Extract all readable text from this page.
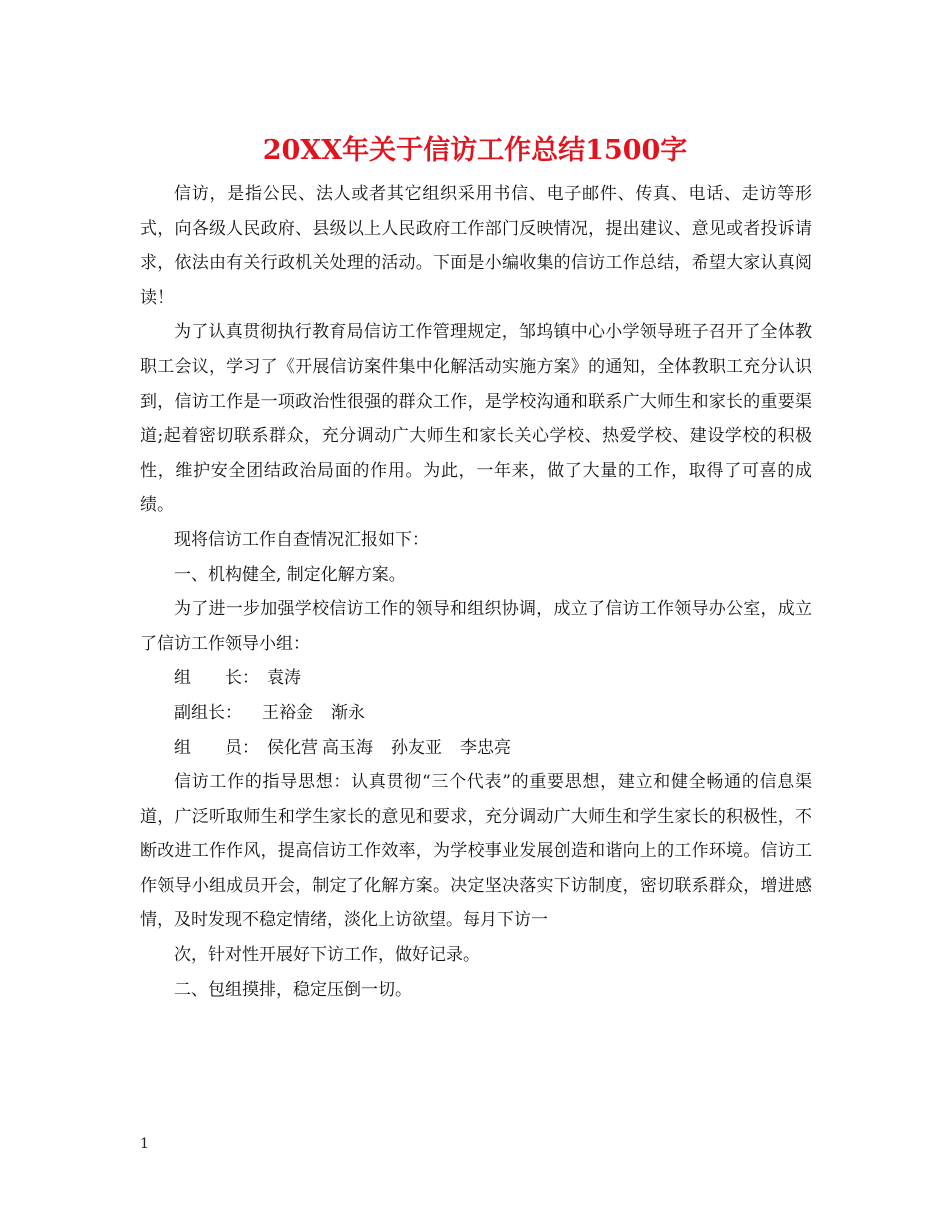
20XX年关于信访工作总结1500字

信访，是指公民、法人或者其它组织采用书信、电子邮件、传真、电话、走访等形式，向各级人民政府、县级以上人民政府工作部门反映情况，提出建议、意见或者投诉请求，依法由有关行政机关处理的活动。下面是小编收集的信访工作总结，希望大家认真阅读！

为了认真贯彻执行教育局信访工作管理规定，邹坞镇中心小学领导班子召开了全体教职工会议，学习了《开展信访案件集中化解活动实施方案》的通知，全体教职工充分认识到，信访工作是一项政治性很强的群众工作，是学校沟通和联系广大师生和家长的重要渠道;起着密切联系群众，充分调动广大师生和家长关心学校、热爱学校、建设学校的积极性，维护安全团结政治局面的作用。为此，一年来，做了大量的工作，取得了可喜的成绩。

现将信访工作自查情况汇报如下：

一、机构健全, 制定化解方案。

为了进一步加强学校信访工作的领导和组织协调，成立了信访工作领导办公室，成立了信访工作领导小组：

组　　长： 袁涛

副组长： 王裕金 渐永

组　　员： 侯化营 高玉海 孙友亚 李忠亮

信访工作的指导思想：认真贯彻“三个代表”的重要思想，建立和健全畅通的信息渠道，广泛听取师生和学生家长的意见和要求，充分调动广大师生和学生家长的积极性，不断改进工作作风，提高信访工作效率，为学校事业发展创造和谐向上的工作环境。信访工作领导小组成员开会，制定了化解方案。决定坚决落实下访制度，密切联系群众，增进感情，及时发现不稳定情绪，淡化上访欲望。每月下访一

次，针对性开展好下访工作，做好记录。

二、包组摸排，稳定压倒一切。

1
